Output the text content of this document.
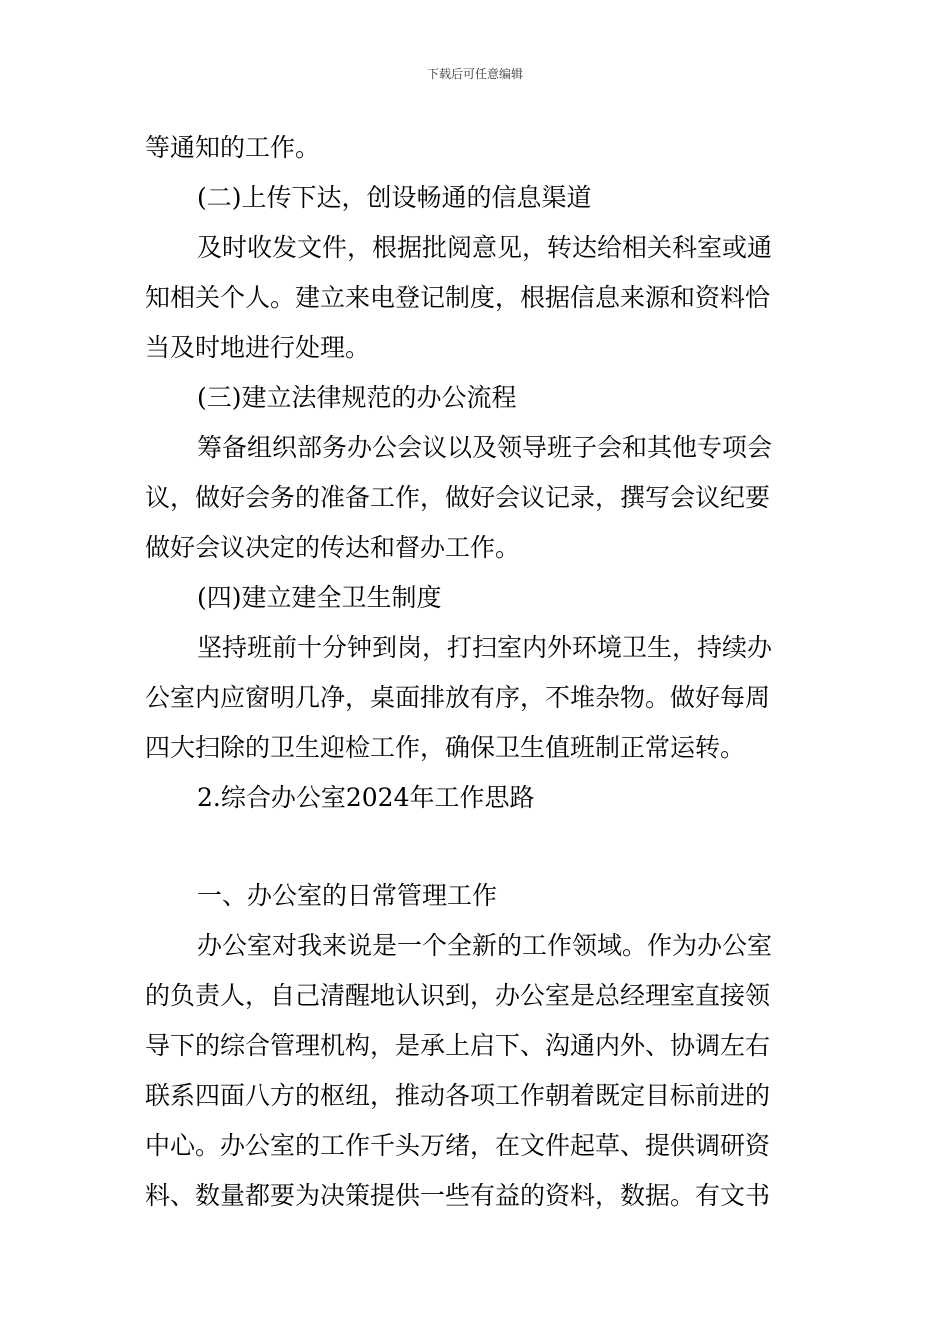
下载后可任意编辑
等通知的工作。
(二)上传下达，创设畅通的信息渠道
及时收发文件，根据批阅意见，转达给相关科室或通
知相关个人。建立来电登记制度，根据信息来源和资料恰
当及时地进行处理。
(三)建立法律规范的办公流程
筹备组织部务办公会议以及领导班子会和其他专项会
议，做好会务的准备工作，做好会议记录，撰写会议纪要
做好会议决定的传达和督办工作。
(四)建立建全卫生制度
坚持班前十分钟到岗，打扫室内外环境卫生，持续办
公室内应窗明几净，桌面排放有序，不堆杂物。做好每周
四大扫除的卫生迎检工作，确保卫生值班制正常运转。
2.综合办公室2024年工作思路
一、办公室的日常管理工作
办公室对我来说是一个全新的工作领域。作为办公室
的负责人，自己清醒地认识到，办公室是总经理室直接领
导下的综合管理机构，是承上启下、沟通内外、协调左右
联系四面八方的枢纽，推动各项工作朝着既定目标前进的
中心。办公室的工作千头万绪，在文件起草、提供调研资
料、数量都要为决策提供一些有益的资料，数据。有文书
